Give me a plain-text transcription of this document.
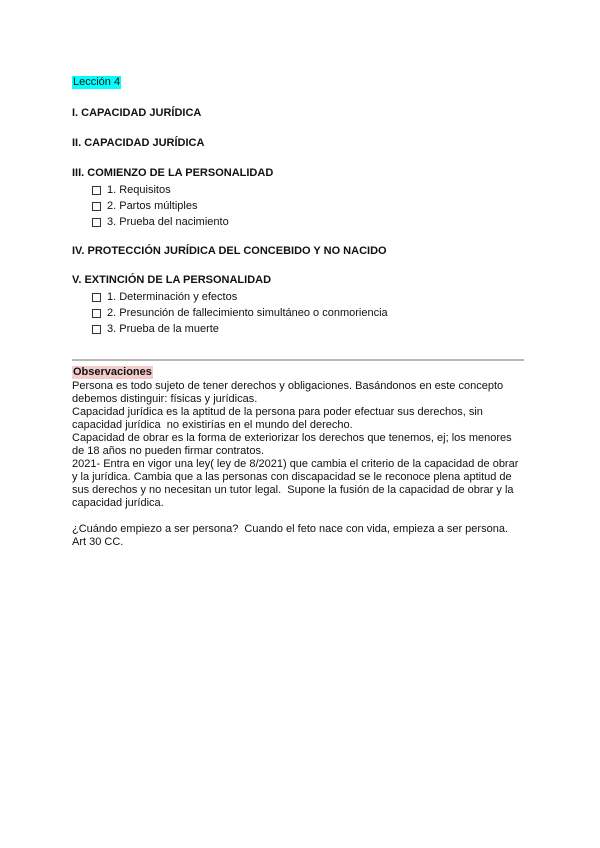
Lección 4

I. CAPACIDAD JURÍDICA

II. CAPACIDAD JURÍDICA

III. COMIENZO DE LA PERSONALIDAD

1. Requisitos
2. Partos múltiples
3. Prueba del nacimiento

IV. PROTECCIÓN JURÍDICA DEL CONCEBIDO Y NO NACIDO

V. EXTINCIÓN DE LA PERSONALIDAD

1. Determinación y efectos
2. Presunción de fallecimiento simultáneo o conmoriencia
3. Prueba de la muerte
Observaciones

Persona es todo sujeto de tener derechos y obligaciones. Basándonos en este concepto

debemos distinguir: físicas y jurídicas.

Capacidad jurídica es la aptitud de la persona para poder efectuar sus derechos, sin

capacidad jurídica  no existirías en el mundo del derecho.

Capacidad de obrar es la forma de exteriorizar los derechos que tenemos, ej; los menores

de 18 años no pueden firmar contratos.

2021- Entra en vigor una ley( ley de 8/2021) que cambia el criterio de la capacidad de obrar

y la jurídica. Cambia que a las personas con discapacidad se le reconoce plena aptitud de

sus derechos y no necesitan un tutor legal.  Supone la fusión de la capacidad de obrar y la

capacidad jurídica.

¿Cuándo empiezo a ser persona?  Cuando el feto nace con vida, empieza a ser persona.

Art 30 CC.
